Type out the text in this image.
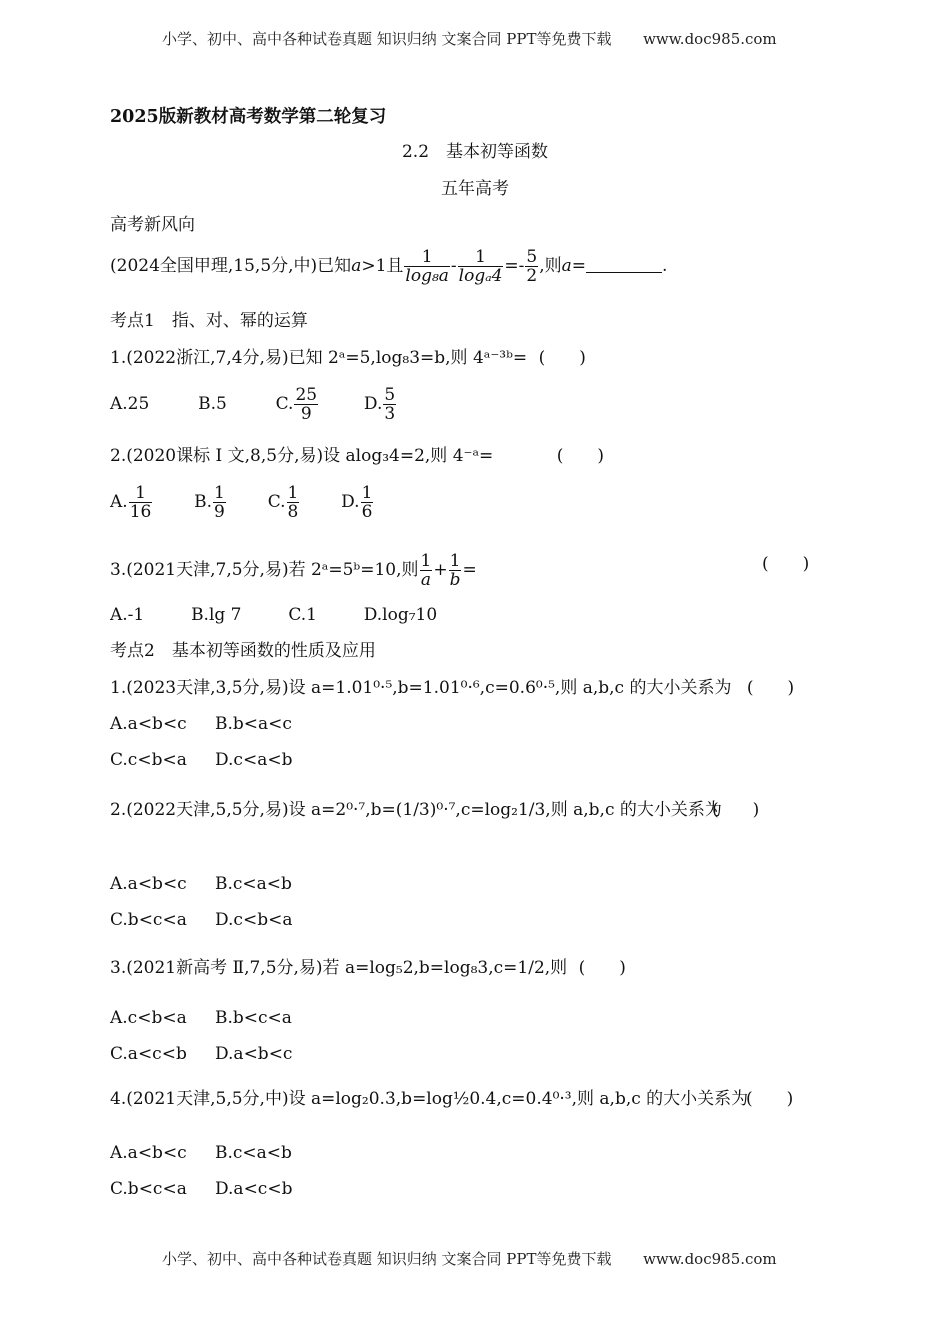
小学、初中、高中各种试卷真题 知识归纳 文案合同 PPT等免费下载 www.doc985.com
2025版新教材高考数学第二轮复习
2.2　基本初等函数
五年高考
高考新风向
(2024全国甲理,15,5分,中)已知a>1且 $\frac{1}{\text{log₈a}} - \frac{1}{\text{logₐ4}} =- \frac{5}{2}$ ,则a=	.
考点1　指、对、幂的运算
1.(2022浙江,7,4分,易)已知 2ᵃ=5,log₈3=b,则 4ᵃ⁻³ᵇ= (　　)
A.25	B.5	C. $\frac{25}{9}$	D. $\frac{5}{3}$
2.(2020课标 Ⅰ 文,8,5分,易)设 alog₃4=2,则 4⁻ᵃ=	(　　)
A. $\frac{1}{16} B$. $\frac{1}{9} C$. $\frac{1}{8} D$. $\frac{1}{6}$
3.(2021天津,7,5分,易)若 2ᵃ=5ᵇ=10,则 $\frac{1}{a} + \frac{1}{b}$ =	(　　)
A.-1	B.lg 7	C.1	D.log₇10
考点2　基本初等函数的性质及应用
1.(2023天津,3,5分,易)设 a=1.01⁰·⁵,b=1.01⁰·⁶,c=0.6⁰·⁵,则 a,b,c 的大小关系为 (　　)
A.a<b<c B.b<a<c
C.c<b<a D.c<a<b
2.(2022天津,5,5分,易)设 a=2⁰·⁷,b=(1/3)⁰·⁷,c=log₂1/3,则 a,b,c 的大小关系为
(　　)
A.a<b<c B.c<a<b
C.b<c<a D.c<b<a
3.(2021新高考 Ⅱ,7,5分,易)若 a=log₅2,b=log₈3,c=1/2,则 (　　)
A.c<b<a B.b<c<a
C.a<c<b D.a<b<c
4.(2021天津,5,5分,中)设 a=log₂0.3,b=log½0.4,c=0.4⁰·³,则 a,b,c 的大小关系为
(　　)
A.a<b<c B.c<a<b
C.b<c<a D.a<c<b
小学、初中、高中各种试卷真题 知识归纳 文案合同 PPT等免费下载 www.doc985.com
